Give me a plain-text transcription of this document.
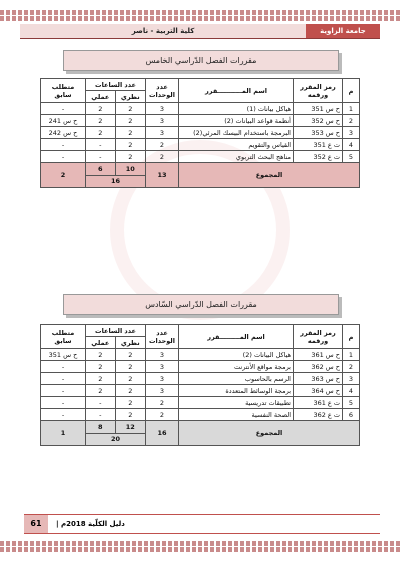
كلية التربية - ناصر	جامعة الزاوية
مقررات الفصل الدّراسي الخامس
م	رمز المقرر ورقمه	اسم المـــــــــــقرر	عدد الوحدات	عدد الساعات		متطلب سابق
				نظري	عملي	
1	ح س 351	هياكل بيانات (1)	3	2	2	-
2	ح س 352	أنظمة قواعد البيانات (2)	3	2	2	ح س 241
3	ح س 353	البرمجة باستخدام البيسك المرئي(2)	3	2	2	ح س 242
4	ت ع 351	القياس والتقويم	2	2	-	-
5	ت ع 352	مناهج البحث التربوي	2	2	-	-
المجموع			13	10	6	2
				16		
مقررات الفصل الدّراسي السّادس
م	رمز المقرر ورقمه	اسم المـــــــــقرر	عدد الوحدات	عدد الساعات		متطلب سابق
				نظري	عملي	
1	ح س 361	هياكل البيانات (2)	3	2	2	ح س 351
2	ح س 362	برمجة مواقع الأنترنت	3	2	2	-
3	ح س 363	الرسم بالحاسوب	3	2	2	-
4	ح س 364	برمجة الوسائط المتعددة	3	2	2	-
5	ت ع 361	تطبيقات تدريسية	2	2	-	-
6	ت ع 362	الصحة النفسية	2	2	-	-
المجموع			16	12	8	1
				20		
61	دليل الكلّية 2018م |
